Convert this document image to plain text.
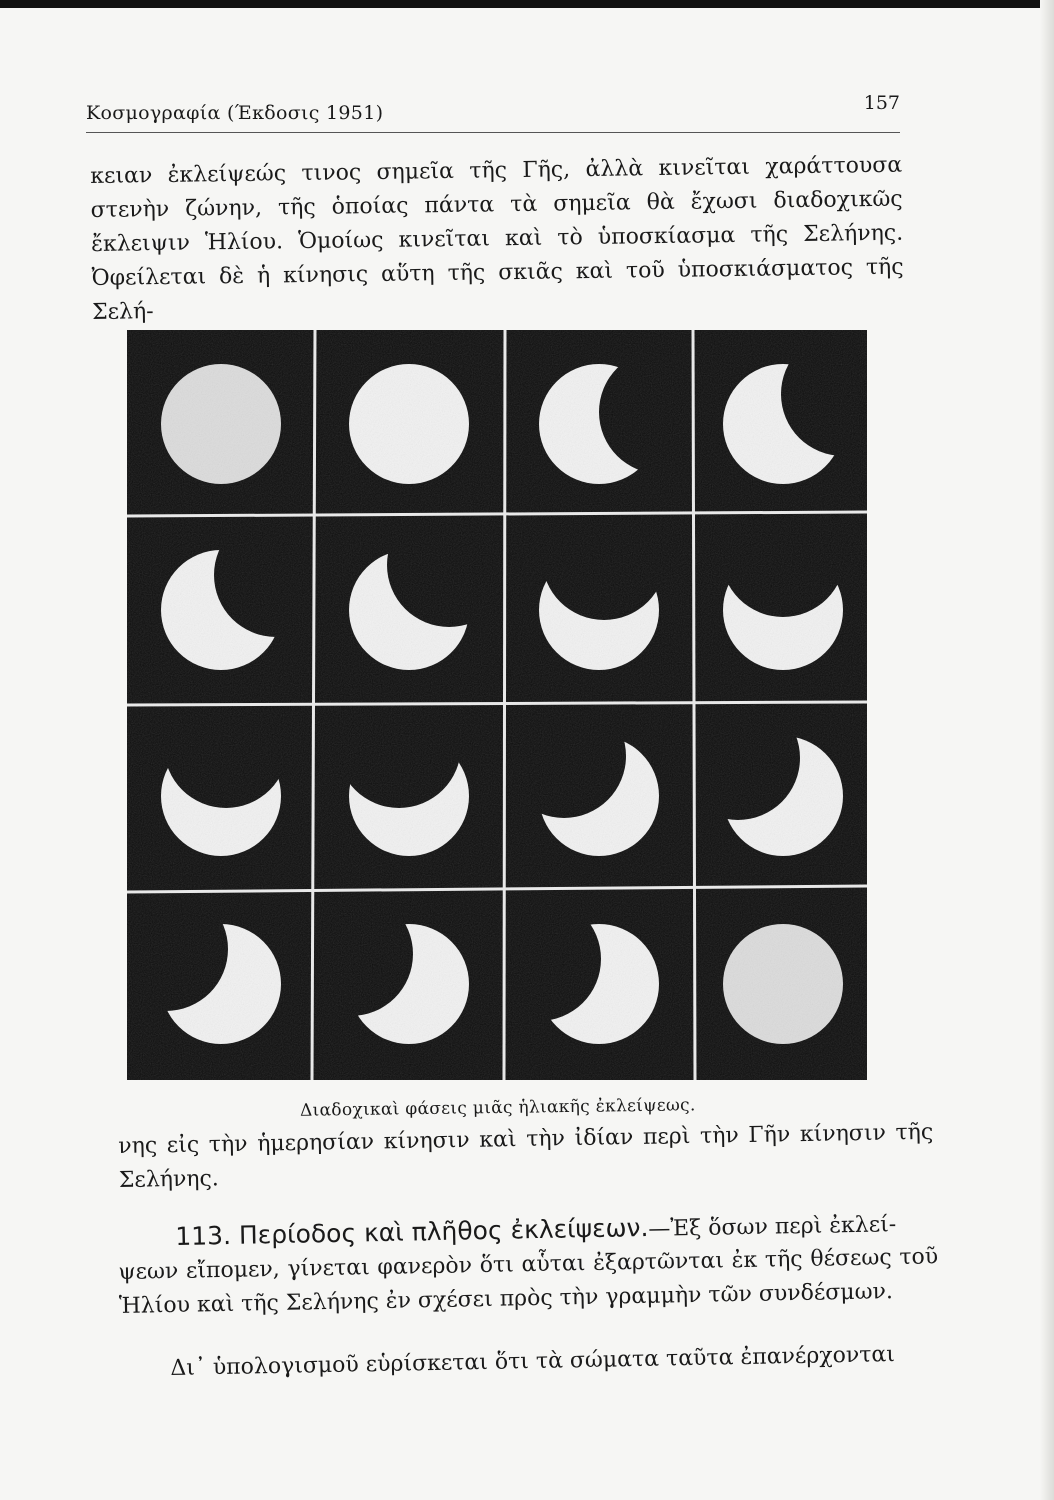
Κοσμογραφία (Έκδοσις 1951)	157

κειαν ἐκλείψεώς τινος σημεῖα τῆς Γῆς, ἀλλὰ κινεῖται χαράττουσα στενὴν ζώνην, τῆς ὁποίας πάντα τὰ σημεῖα θὰ ἔχωσι διαδοχικῶς ἔκλειψιν Ἡλίου. Ὁμοίως κινεῖται καὶ τὸ ὑποσκίασμα τῆς Σελήνης. Ὀφείλεται δὲ ἡ κίνησις αὕτη τῆς σκιᾶς καὶ τοῦ ὑποσκιάσματος τῆς Σελή-

Διαδοχικαὶ φάσεις μιᾶς ἡλιακῆς ἐκλείψεως.

νης εἰς τὴν ἡμερησίαν κίνησιν καὶ τὴν ἰδίαν περὶ τὴν Γῆν κίνησιν τῆς Σελήνης.

113. Περίοδος καὶ πλῆθος ἐκλείψεων.—Ἐξ ὅσων περὶ ἐκλεί-

ψεων εἴπομεν, γίνεται φανερὸν ὅτι αὗται ἐξαρτῶνται ἐκ τῆς θέσεως τοῦ Ἡλίου καὶ τῆς Σελήνης ἐν σχέσει πρὸς τὴν γραμμὴν τῶν συνδέσμων.

Δι᾽ ὑπολογισμοῦ εὑρίσκεται ὅτι τὰ σώματα ταῦτα ἐπανέρχονται
